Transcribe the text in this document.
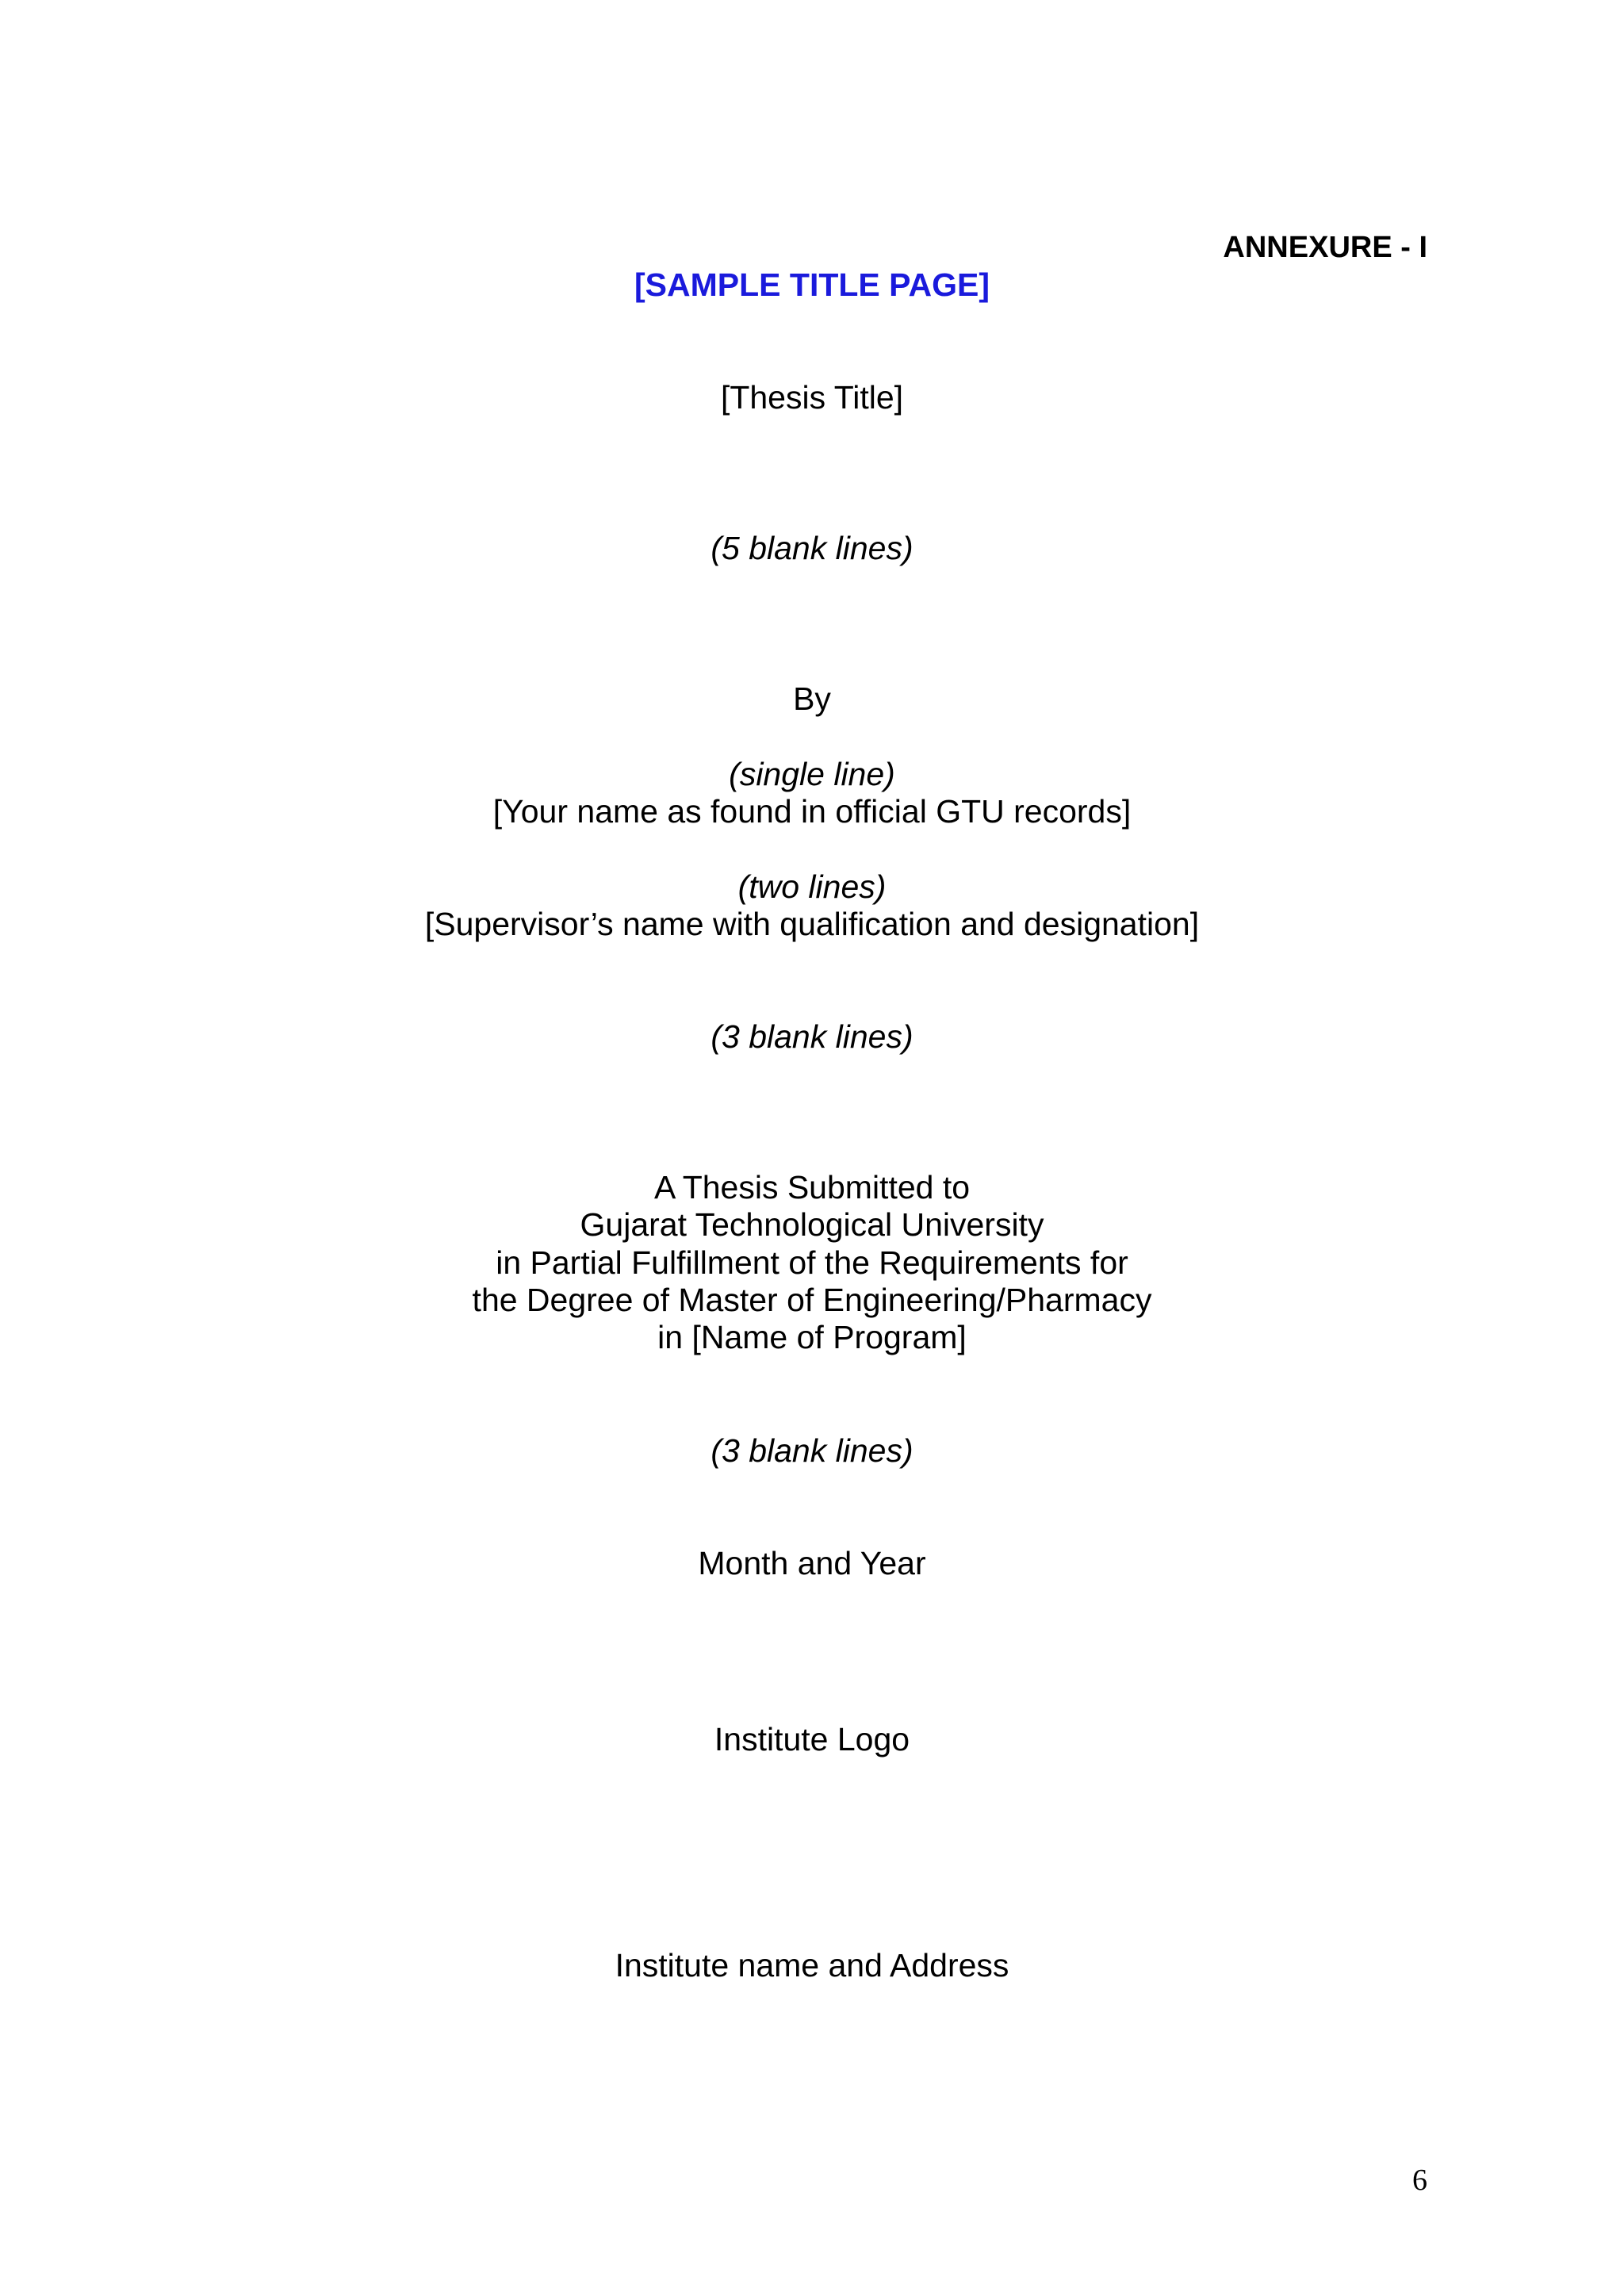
ANNEXURE - I
[SAMPLE TITLE PAGE]
[Thesis Title]
(5 blank lines)
By
(single line)
[Your name as found in official GTU records]
(two lines)
[Supervisor’s name with qualification and designation]
(3 blank lines)
A Thesis Submitted to
Gujarat Technological University
in Partial Fulfillment of the Requirements for
the Degree of Master of Engineering/Pharmacy
in [Name of Program]
(3 blank lines)
Month and Year
Institute Logo
Institute name and Address
6
